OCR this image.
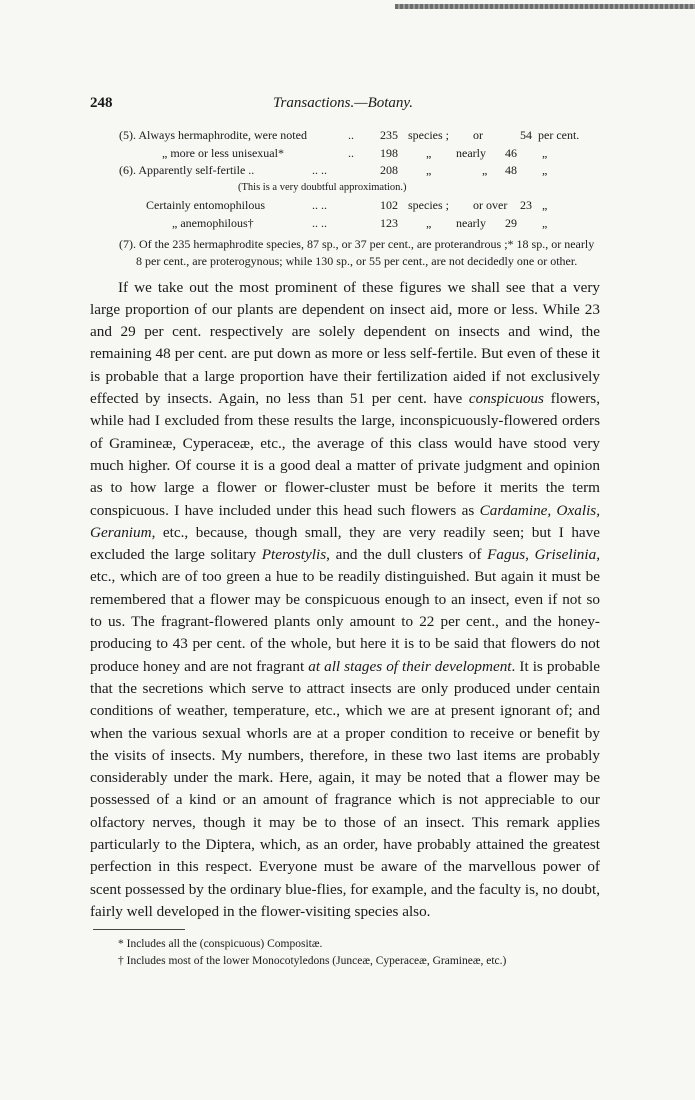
248	Transactions.—Botany.
(5). Always hermaphrodite, were noted	.. 235 species ; or	54 per cent.
„ more or less unisexual*	.. 198 „ nearly 46 „
(6). Apparently self-fertile ..	.. ..	208 „	„ 48 „
(This is a very doubtful approximation.)
Certainly entomophilous	.. ..	102 species ; or over 23 „
„ anemophilous†	.. ..	123 „ nearly 29 „
(7). Of the 235 hermaphrodite species, 87 sp., or 37 per cent., are proterandrous ;* 18 sp., or nearly 8 per cent., are proterogynous; while 130 sp., or 55 per cent., are not decidedly one or other.
If we take out the most prominent of these figures we shall see that a very large proportion of our plants are dependent on insect aid, more or less. While 23 and 29 per cent. respectively are solely dependent on insects and wind, the remaining 48 per cent. are put down as more or less self-fertile. But even of these it is probable that a large proportion have their fertilization aided if not exclusively effected by insects. Again, no less than 51 per cent. have conspicuous flowers, while had I excluded from these results the large, inconspicuously-flowered orders of Gramineæ, Cyperaceæ, etc., the average of this class would have stood very much higher. Of course it is a good deal a matter of private judgment and opinion as to how large a flower or flower-cluster must be before it merits the term conspicuous. I have included under this head such flowers as Cardamine, Oxalis, Geranium, etc., because, though small, they are very readily seen; but I have excluded the large solitary Pterostylis, and the dull clusters of Fagus, Griselinia, etc., which are of too green a hue to be readily distinguished. But again it must be remembered that a flower may be conspicuous enough to an insect, even if not so to us. The fragrant-flowered plants only amount to 22 per cent., and the honey-producing to 43 per cent. of the whole, but here it is to be said that flowers do not produce honey and are not fragrant at all stages of their development. It is probable that the secretions which serve to attract insects are only produced under centain conditions of weather, temperature, etc., which we are at present ignorant of; and when the various sexual whorls are at a proper condition to receive or benefit by the visits of insects. My numbers, therefore, in these two last items are probably considerably under the mark. Here, again, it may be noted that a flower may be possessed of a kind or an amount of fragrance which is not appreciable to our olfactory nerves, though it may be to those of an insect. This remark applies particularly to the Diptera, which, as an order, have probably attained the greatest perfection in this respect. Everyone must be aware of the marvellous power of scent possessed by the ordinary blue-flies, for example, and the faculty is, no doubt, fairly well developed in the flower-visiting species also.
* Includes all the (conspicuous) Compositæ.
† Includes most of the lower Monocotyledons (Junceæ, Cyperaceæ, Gramineæ, etc.)
